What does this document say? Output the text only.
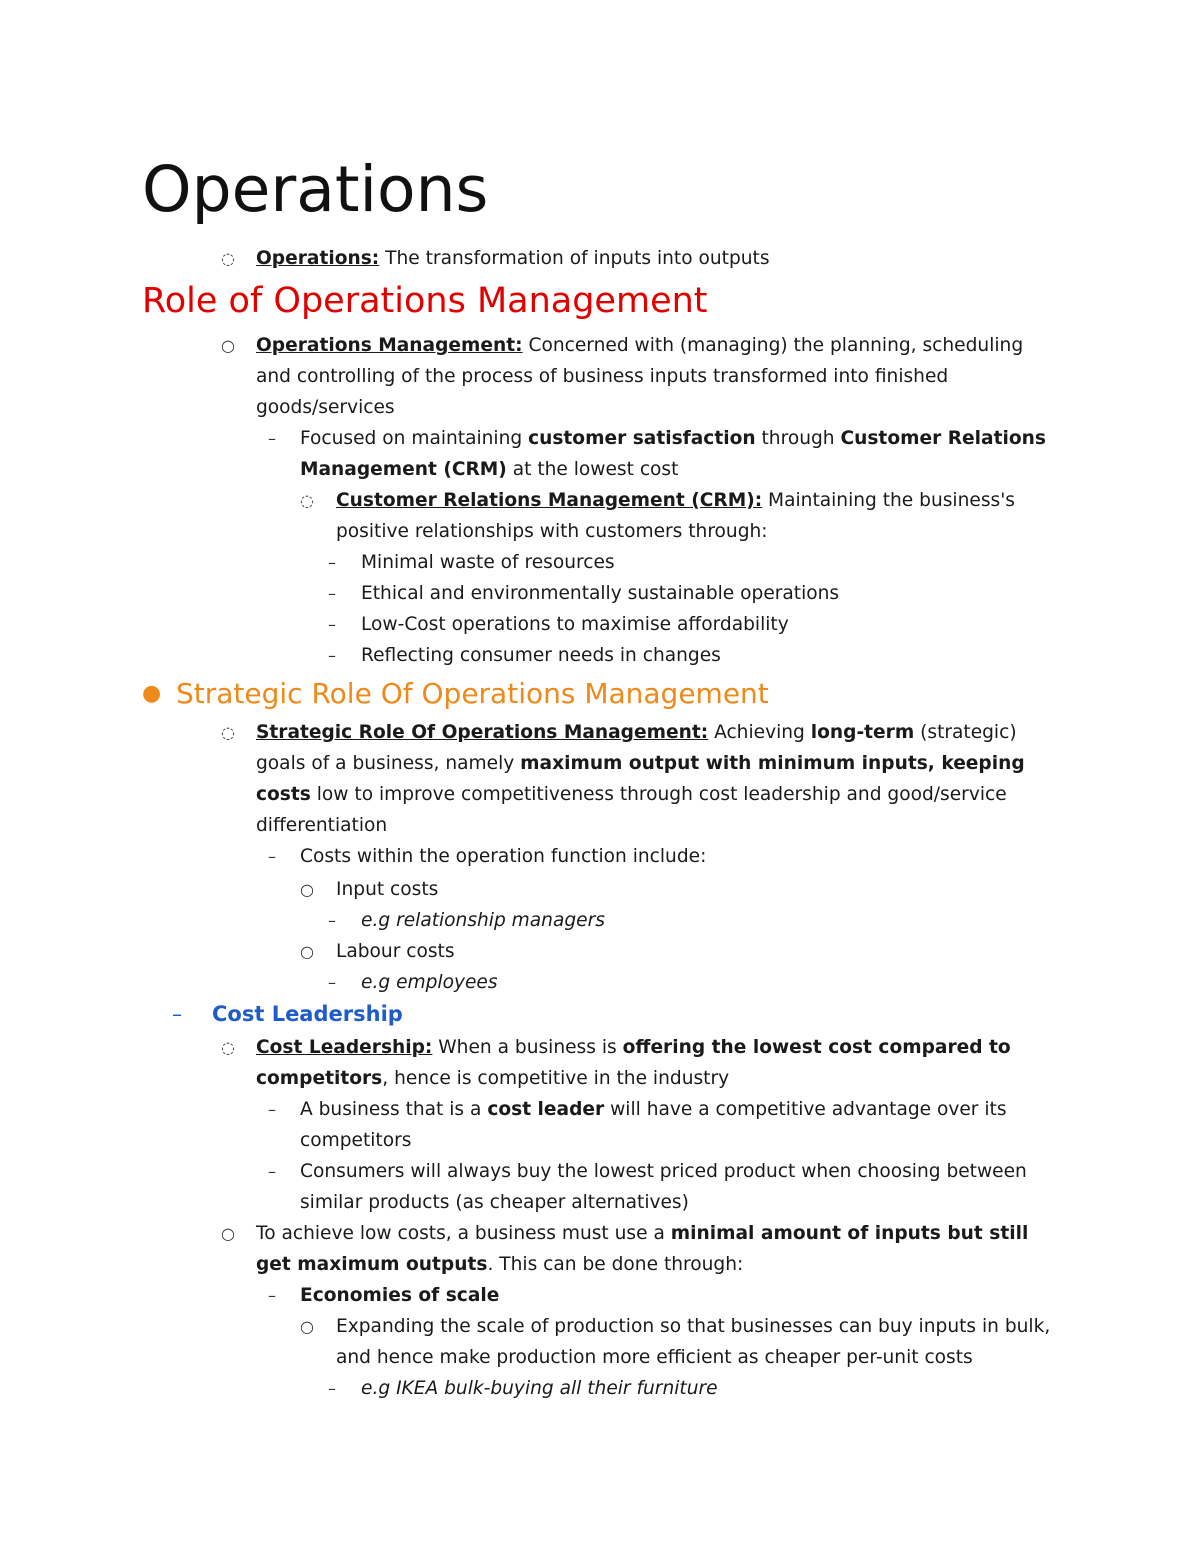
Operations
◌ Operations: The transformation of inputs into outputs
Role of Operations Management
○ Operations Management: Concerned with (managing) the planning, scheduling
and controlling of the process of business inputs transformed into finished
goods/services
–	Focused on maintaining customer satisfaction through Customer Relations
Management (CRM) at the lowest cost
◌ Customer Relations Management (CRM): Maintaining the business's
positive relationships with customers through:
–	Minimal waste of resources
–	Ethical and environmentally sustainable operations
–	Low-Cost operations to maximise affordability
–	Reflecting consumer needs in changes
● Strategic Role Of Operations Management
◌ Strategic Role Of Operations Management: Achieving long-term (strategic)
goals of a business, namely maximum output with minimum inputs, keeping
costs low to improve competitiveness through cost leadership and good/service
differentiation
–	Costs within the operation function include:
○ Input costs
–	e.g relationship managers
○ Labour costs
–	e.g employees
– Cost Leadership
◌ Cost Leadership: When a business is offering the lowest cost compared to
competitors, hence is competitive in the industry
–	A business that is a cost leader will have a competitive advantage over its
competitors
–	Consumers will always buy the lowest priced product when choosing between
similar products (as cheaper alternatives)
○ To achieve low costs, a business must use a minimal amount of inputs but still
get maximum outputs. This can be done through:
–	Economies of scale
○ Expanding the scale of production so that businesses can buy inputs in bulk,
and hence make production more efficient as cheaper per-unit costs
–	e.g IKEA bulk-buying all their furniture
